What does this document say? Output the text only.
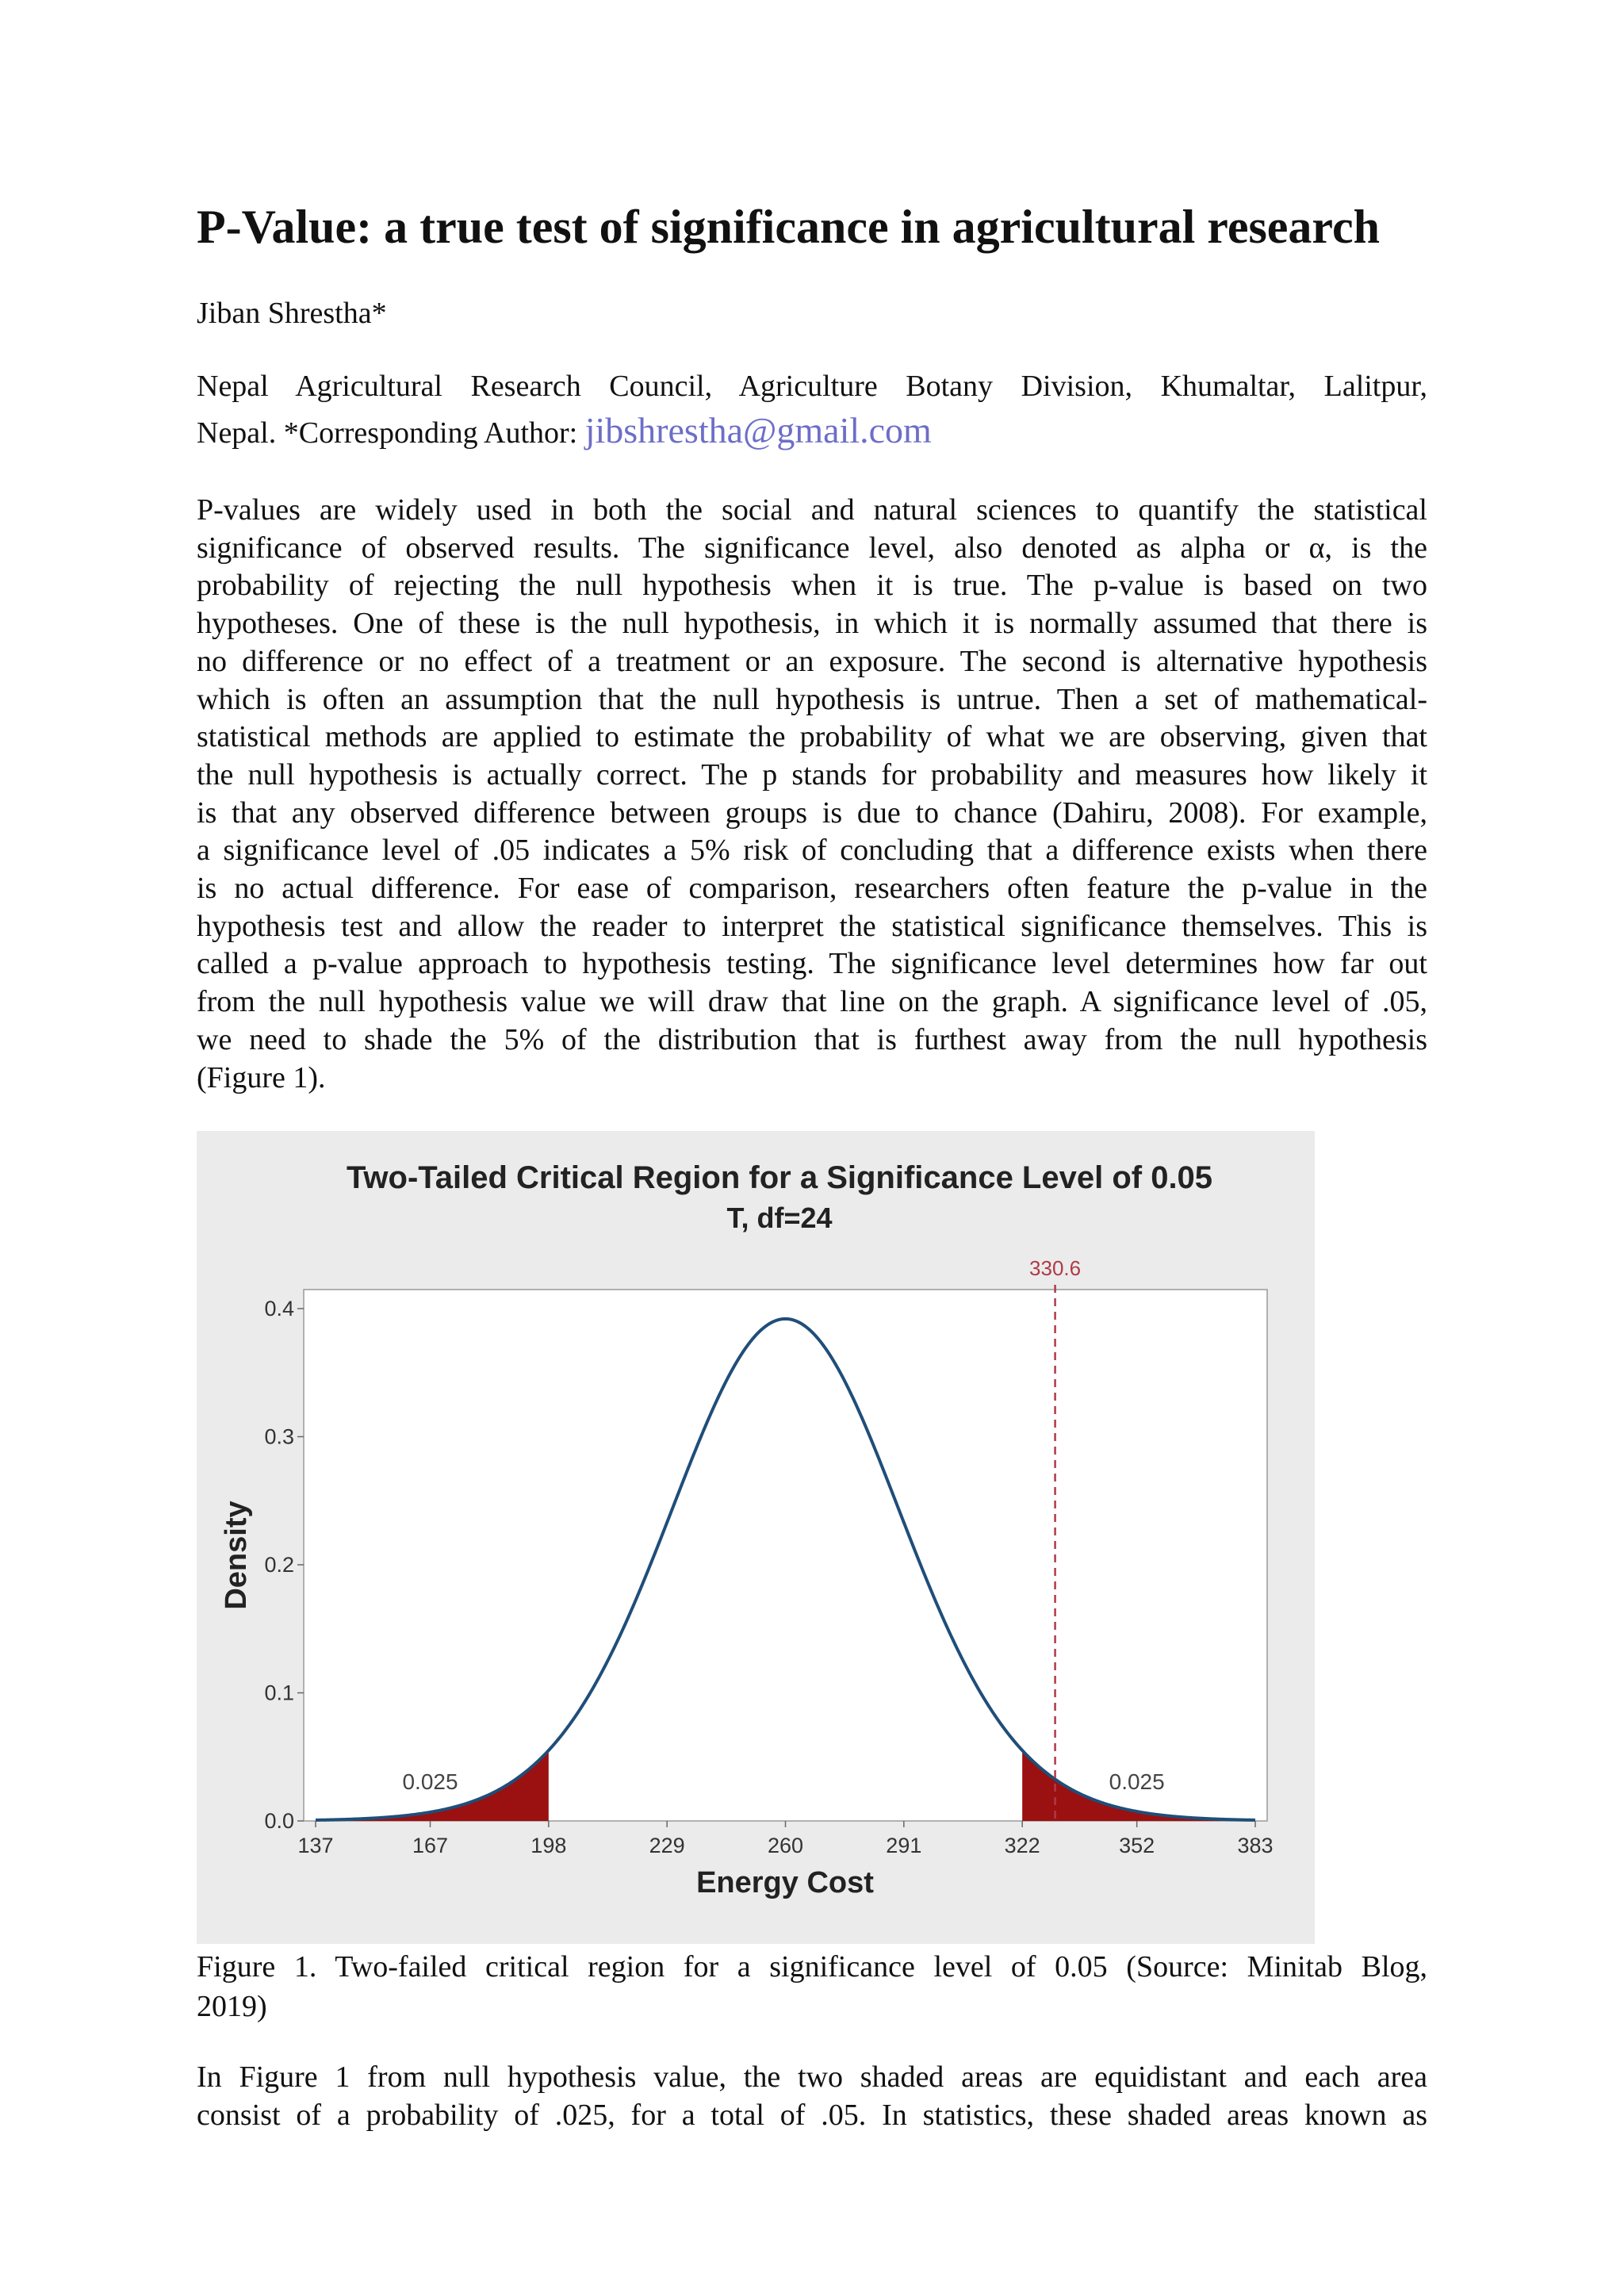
P-Value: a true test of significance in agricultural research

Jiban Shrestha*

Nepal Agricultural Research Council, Agriculture Botany Division, Khumaltar, Lalitpur,
Nepal. *Corresponding Author: jibshrestha@gmail.com

P-values are widely used in both the social and natural sciences to quantify the statistical
significance of observed results. The significance level, also denoted as alpha or α, is the
probability of rejecting the null hypothesis when it is true. The p-value is based on two
hypotheses. One of these is the null hypothesis, in which it is normally assumed that there is
no difference or no effect of a treatment or an exposure. The second is alternative hypothesis
which is often an assumption that the null hypothesis is untrue. Then a set of mathematical-
statistical methods are applied to estimate the probability of what we are observing, given that
the null hypothesis is actually correct. The p stands for probability and measures how likely it
is that any observed difference between groups is due to chance (Dahiru, 2008). For example,
a significance level of .05 indicates a 5% risk of concluding that a difference exists when there
is no actual difference. For ease of comparison, researchers often feature the p-value in the
hypothesis test and allow the reader to interpret the statistical significance themselves. This is
called a p-value approach to hypothesis testing. The significance level determines how far out
from the null hypothesis value we will draw that line on the graph. A significance level of .05,
we need to shade the 5% of the distribution that is furthest away from the null hypothesis
(Figure 1).
Two-Tailed Critical Region for a Significance Level of 0.05
T, df=24
0.025	0.025
330.6
137	167	198	229	260	291	322	352	383
0.0
0.1
0.2
0.3
0.4
Energy Cost
Density

Figure 1. Two-failed critical region for a significance level of 0.05 (Source: Minitab Blog,
2019)

In Figure 1 from null hypothesis value, the two shaded areas are equidistant and each area
consist of a probability of .025, for a total of .05. In statistics, these shaded areas known as
